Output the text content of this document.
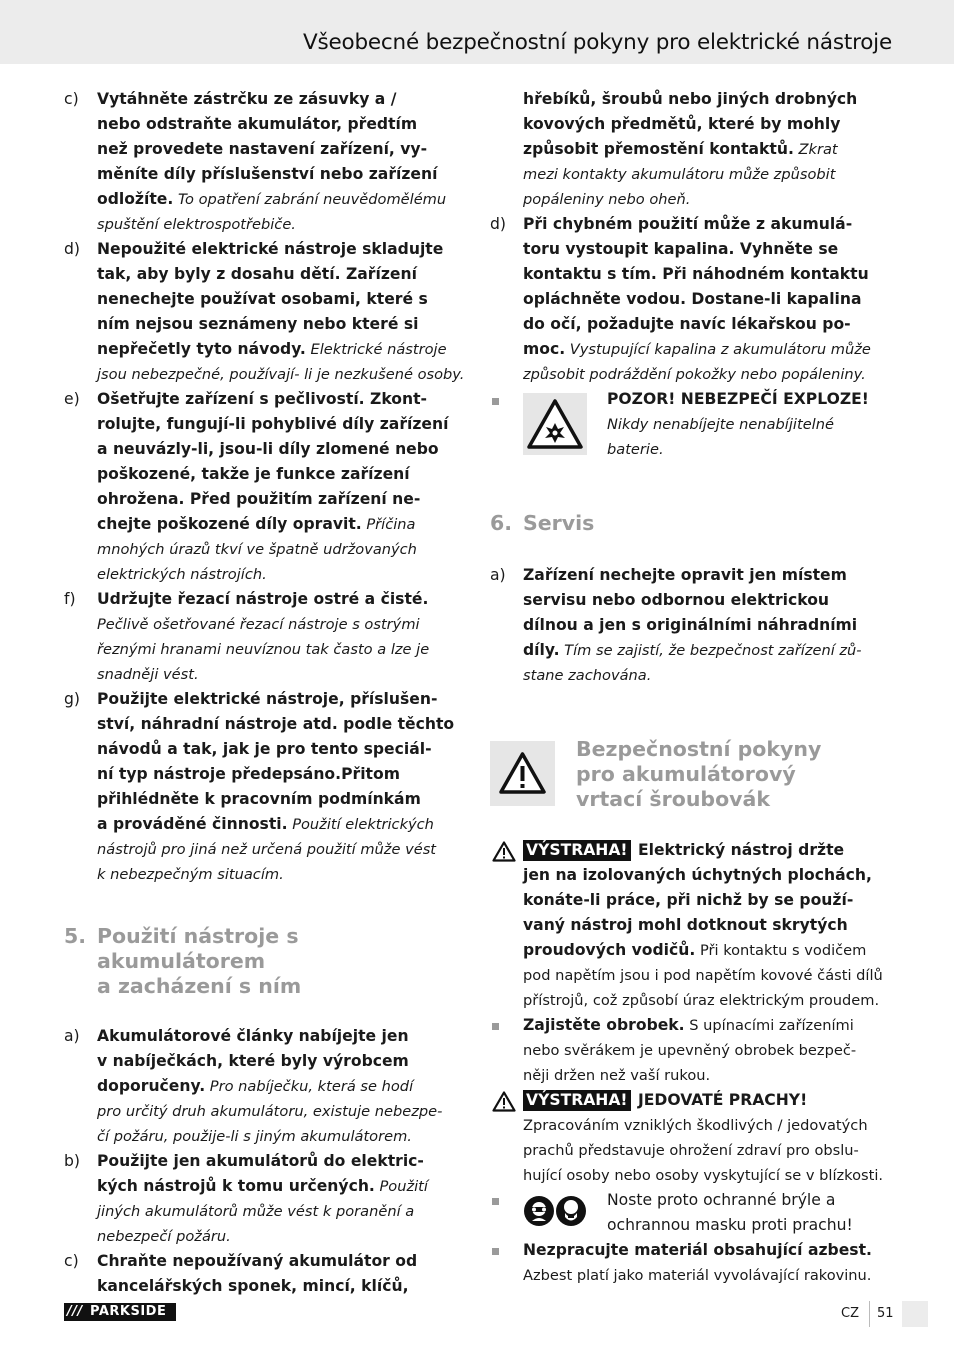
Všeobecné bezpečnostní pokyny pro elektrické nástroje
c) Vytáhněte zástrčku ze zásuvky a /
nebo odstraňte akumulátor, předtím
než provedete nastavení zařízení, vy-
měníte díly příslušenství nebo zařízení
odložíte. To opatření zabrání neuvědomělému
spuštění elektrospotřebiče.
d) Nepoužité elektrické nástroje skladujte
tak, aby byly z dosahu dětí. Zařízení
nenechejte používat osobami, které s
ním nejsou seznámeny nebo které si
nepřečetly tyto návody. Elektrické nástroje
jsou nebezpečné, používají- li je nezkušené osoby.
e) Ošetřujte zařízení s pečlivostí. Zkont-
rolujte, fungují-li pohyblivé díly zařízení
a neuvázly-li, jsou-li díly zlomené nebo
poškozené, takže je funkce zařízení
ohrožena. Před použitím zařízení ne-
chejte poškozené díly opravit. Příčina
mnohých úrazů tkví ve špatně udržovaných
elektrických nástrojích.
f) Udržujte řezací nástroje ostré a čisté.
Pečlivě ošetřované řezací nástroje s ostrými
řeznými hranami neuvíznou tak často a lze je
snadněji vést.
g) Použijte elektrické nástroje, příslušen-
ství, náhradní nástroje atd. podle těchto
návodů a tak, jak je pro tento speciál-
ní typ nástroje předepsáno.Přitom
přihlédněte k pracovním podmínkám
a prováděné činnosti. Použití elektrických
nástrojů pro jiná než určená použití může vést
k nebezpečným situacím.
5. Použití nástroje s akumulátorem
a zacházení s ním
a) Akumulátorové články nabíjejte jen
v nabíječkách, které byly výrobcem
doporučeny. Pro nabíječku, která se hodí
pro určitý druh akumulátoru, existuje nebezpe-
čí požáru, použije-li s jiným akumulátorem.
b) Použijte jen akumulátorů do elektric-
kých nástrojů k tomu určených. Použití
jiných akumulátorů může vést k poranění a
nebezpečí požáru.
c) Chraňte nepoužívaný akumulátor od
kancelářských sponek, mincí, klíčů,
hřebíků, šroubů nebo jiných drobných
kovových předmětů, které by mohly
způsobit přemostění kontaktů. Zkrat
mezi kontakty akumulátoru může způsobit
popáleniny nebo oheň.
d) Při chybném použití může z akumulá-
toru vystoupit kapalina. Vyhněte se
kontaktu s tím. Při náhodném kontaktu
opláchněte vodou. Dostane-li kapalina
do očí, požadujte navíc lékařskou po-
moc. Vystupující kapalina z akumulátoru může
způsobit podráždění pokožky nebo popáleniny.
POZOR! NEBEZPEČÍ EXPLOZE!
Nikdy nenabíjejte nenabíjitelné
baterie.
6. Servis
a) Zařízení nechejte opravit jen místem
servisu nebo odbornou elektrickou
dílnou a jen s originálními náhradními
díly. Tím se zajistí, že bezpečnost zařízení zů-
stane zachována.
Bezpečnostní pokyny
pro akumulátorový
vrtací šroubovák
VÝSTRAHA! Elektrický nástroj držte
jen na izolovaných úchytných plochách,
konáte-li práce, při nichž by se použí-
vaný nástroj mohl dotknout skrytých
proudových vodičů. Při kontaktu s vodičem
pod napětím jsou i pod napětím kovové části dílů
přístrojů, což způsobí úraz elektrickým proudem.
Zajistěte obrobek. S upínacími zařízeními
nebo svěrákem je upevněný obrobek bezpeč-
něji držen než vaší rukou.
VÝSTRAHA! JEDOVATÉ PRACHY!
Zpracováním vzniklých škodlivých / jedovatých
prachů představuje ohrožení zdraví pro obslu-
hující osoby nebo osoby vyskytující se v blízkosti.
Noste proto ochranné brýle a
ochrannou masku proti prachu!
Nezpracujte materiál obsahující azbest.
Azbest platí jako materiál vyvolávající rakovinu.
/// PARKSIDE	CZ 51
